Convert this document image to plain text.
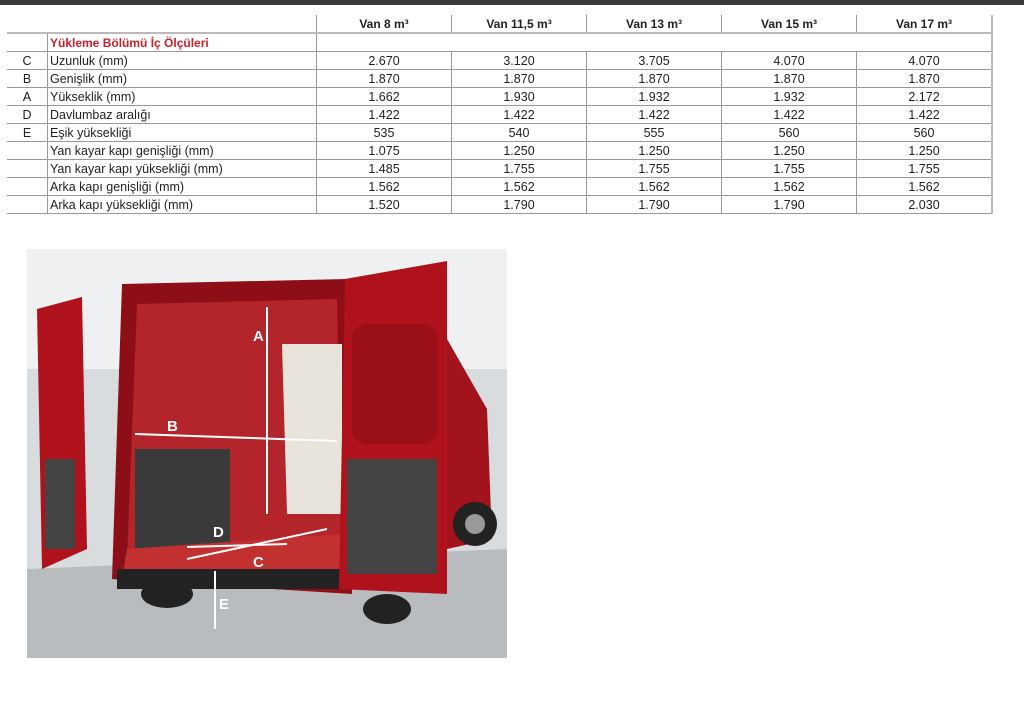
		Van 8 m³	Van 11,5 m³	Van 13 m³	Van 15 m³	Van 17 m³
	Yükleme Bölümü İç Ölçüleri					
C	Uzunluk (mm)	2.670	3.120	3.705	4.070	4.070
B	Genişlik (mm)	1.870	1.870	1.870	1.870	1.870
A	Yükseklik (mm)	1.662	1.930	1.932	1.932	2.172
D	Davlumbaz aralığı	1.422	1.422	1.422	1.422	1.422
E	Eşik yüksekliği	535	540	555	560	560
	Yan kayar kapı genişliği (mm)	1.075	1.250	1.250	1.250	1.250
	Yan kayar kapı yüksekliği (mm)	1.485	1.755	1.755	1.755	1.755
	Arka kapı genişliği (mm)	1.562	1.562	1.562	1.562	1.562
	Arka kapı yüksekliği (mm)	1.520	1.790	1.790	1.790	2.030
A
B
C
D
E
